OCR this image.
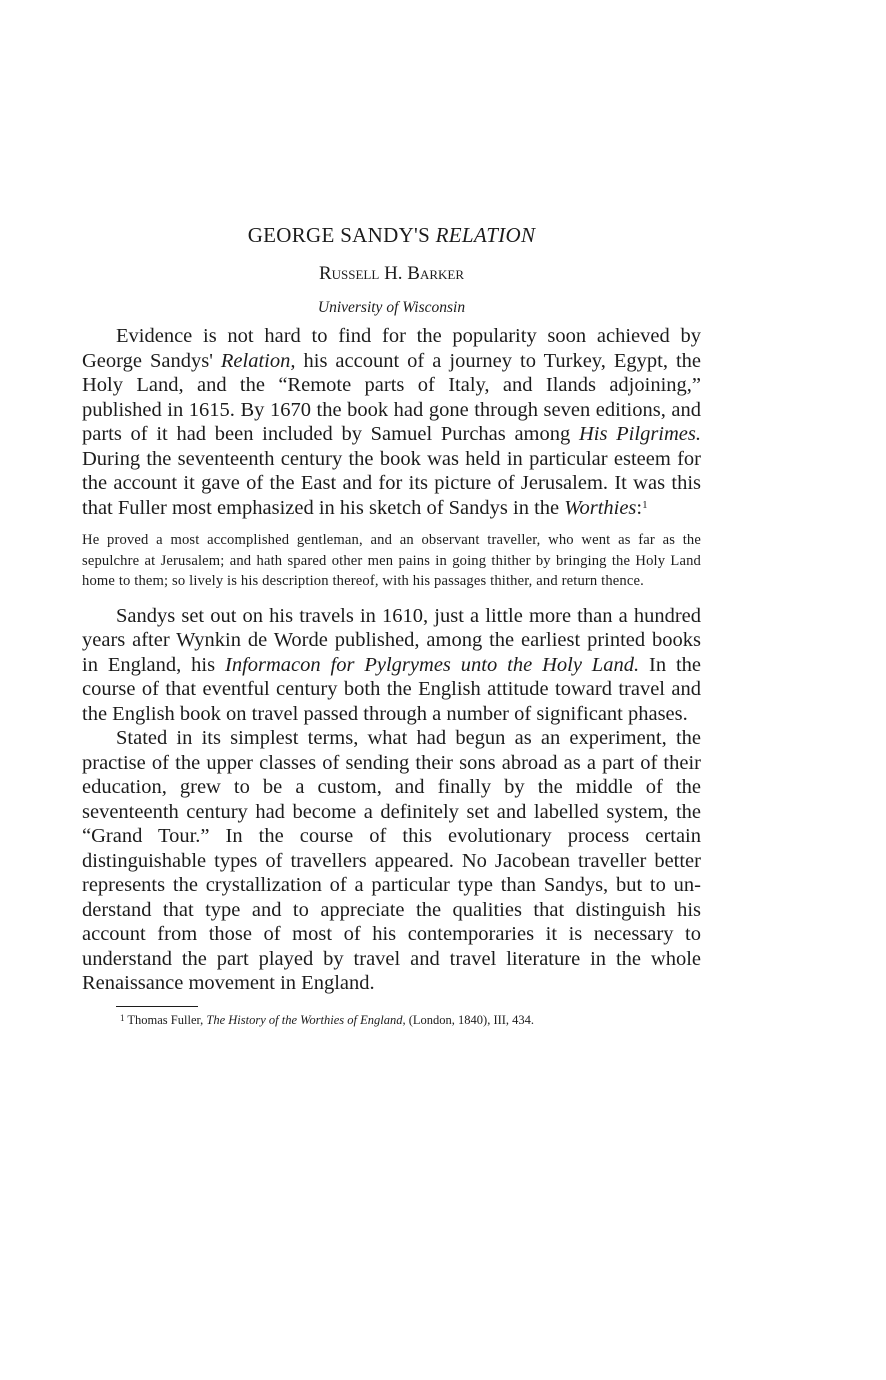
GEORGE SANDY'S RELATION
Russell H. Barker
University of Wisconsin

Evidence is not hard to find for the popularity soon achieved by George Sandys' Relation, his account of a journey to Turkey, Egypt, the Holy Land, and the “Remote parts of Italy, and Ilands adjoining,” published in 1615. By 1670 the book had gone through seven editions, and parts of it had been included by Samuel Purchas among His Pilgrimes. During the seventeenth century the book was held in particular esteem for the account it gave of the East and for its picture of Jerusalem. It was this that Fuller most emphasized in his sketch of Sandys in the Worthies:$^1$

He proved a most accomplished gentleman, and an observant traveller, who went as far as the sepulchre at Jerusalem; and hath spared other men pains in going thither by bringing the Holy Land home to them; so lively is his description thereof, with his passages thither, and return thence.

Sandys set out on his travels in 1610, just a little more than a hundred years after Wynkin de Worde published, among the earliest printed books in England, his Informacon for Pylgrymes unto the Holy Land. In the course of that eventful century both the English attitude toward travel and the English book on travel passed through a number of significant phases.

Stated in its simplest terms, what had begun as an experiment, the practise of the upper classes of sending their sons abroad as a part of their education, grew to be a custom, and finally by the middle of the seventeenth century had become a definitely set and labelled system, the “Grand Tour.” In the course of this evolutionary process certain distinguishable types of travellers appeared. No Jacobean traveller better represents the crystallization of a particular type than Sandys, but to understand that type and to appreciate the qualities that distinguish his account from those of most of his contemporaries it is necessary to understand the part played by travel and travel literature in the whole Renaissance movement in England.

$^1$ Thomas Fuller, The History of the Worthies of England, (London, 1840), III, 434.
